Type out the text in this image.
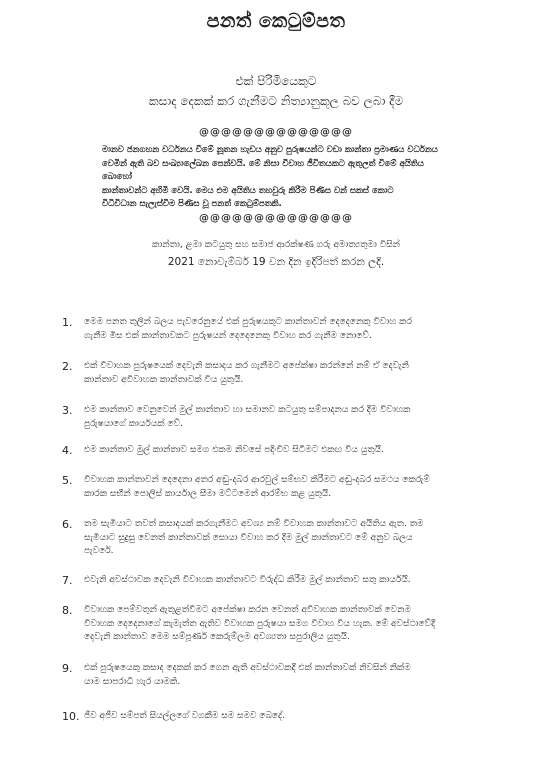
පනත් කෙටුම්පත
එක් පිරිමියෙකුට
කසාද දෙකක් කර ගැනීමට නිත්‍යානුකූල බව ලබා දීම
@@@@@@@@@@@@@@
මානව ජනගහන වර්ධනය වීමේ නූතන හැඩය අනුව පුරුෂයන්ට වඩා කාන්තා ප්‍රමාණය වර්ධනය
වෙමින් ඇති බව සංඛ්‍යාලේඛන පෙන්වයි. මේ නිසා විවාහ ජීවිතයකට ඇතුලත් වීමේ අයිතිය බොහෝ
කාන්තාවන්ට අහිමි වෙයි. මෙය එම අයිතිය තහවුරු කිරීම පිණිස වන් සකස් කොට
විධිවිධාන සැලැස්වීම පිණිස වූ පනත් කෙටුම්පතකි.
@@@@@@@@@@@@@@
කාන්තා, ළමා කටයුතු සහ සමාජ ආරක්ෂණ ගරු අමාත්‍යතුමා විසින්
2021 නොවැම්බර් 19 වන දින ඉදිරිපත් කරන ලදි.
1.	මෙම පනත තුලින් බලය පැවරෙනුයේ එක් පුරුෂයකුට කාන්තාවන් දෙදෙනෙකු විවාහ කර
ගැනීම මිස එක් කාන්තාවකට පුරුෂයන් දෙදෙනෙකු විවාහ කර ගැනීම නොවේ.
2.	එක් විවාහක පුරුෂයෙක් දෙවැනි කසාදය කර ගැනීමට අපේක්ෂා කරන්නේ නම් ඒ දෙවැනි
කාන්තාව අවිවාහක කාන්තාවක් විය යුතුයි.
3.	එම කාන්තාව වෙනුවෙන් මුල් කාන්තාව හා සමානව කටයුතු සම්පාදනය කර දීම විවාහක
පුරුෂයාගේ කාර්යයක් වේ.
4.	එම කාන්තාව මුල් කාන්තාව සමග එකම නිවසේ පදිංචිව සිටීමට එකඟ විය යුතුයි.
5.	විවාහක කාන්තාවන් දෙදෙනා අතර අඬු-දබර ආරවුල් සම්භව කිරීමට අඬු-දබර සමථය කෙරුම්
කාරක සභීන් පොලිස් කාර්යාල සීමා මට්ටමෙන් ආරම්භ කළ යුතුයි.
6.	තම සැමියාට තවත් කසාදයක් කරගැනීමට අවශ්‍ය නම් විවාහක කාන්තාවට අයිතිය ඇත. තම
සැමියාට සුදුසු වෙනත් කාන්තාවක් සොයා විවාහ කර දීම මුල් කාන්තාවට මේ අනුව බලය
පැවරේ.
7.	එවැනි අවස්ථාවක දෙවැනි විවාහක කාන්තාවට විරුද්ධ කිරීම මුල් කාන්තාව සතු කාර්යයි.
8.	විවාහක පෙම්වතුන් ඇතුළත්වීමට අපේක්ෂා කරන වෙනත් අවිවාහක කාන්තාවක් වෙනම
විවාහක දෙදෙනාගේ කැමැත්ත ඇතිව විවාහක පුරුෂයා සමග විවාහ විය හැක. මේ අවස්ථාවේදී
දෙවැනි කාන්තාව මෙම සම්පූර්ණ කෙරුම්ලම අවශ්‍යතා සපුරාලිය යුතුයි.
9.	එක් පුරුෂයෙකු කසාද දෙකක් කර ගෙන ඇති අවස්ථාවකදී එක් කාන්තාවක් නිවසින් නික්ම
යාම සාපරාධී හැර යාමකි.
10. ජීව අජීව සම්පත් සියල්ලගේ වගකීම සම සමව බෙදේ.
